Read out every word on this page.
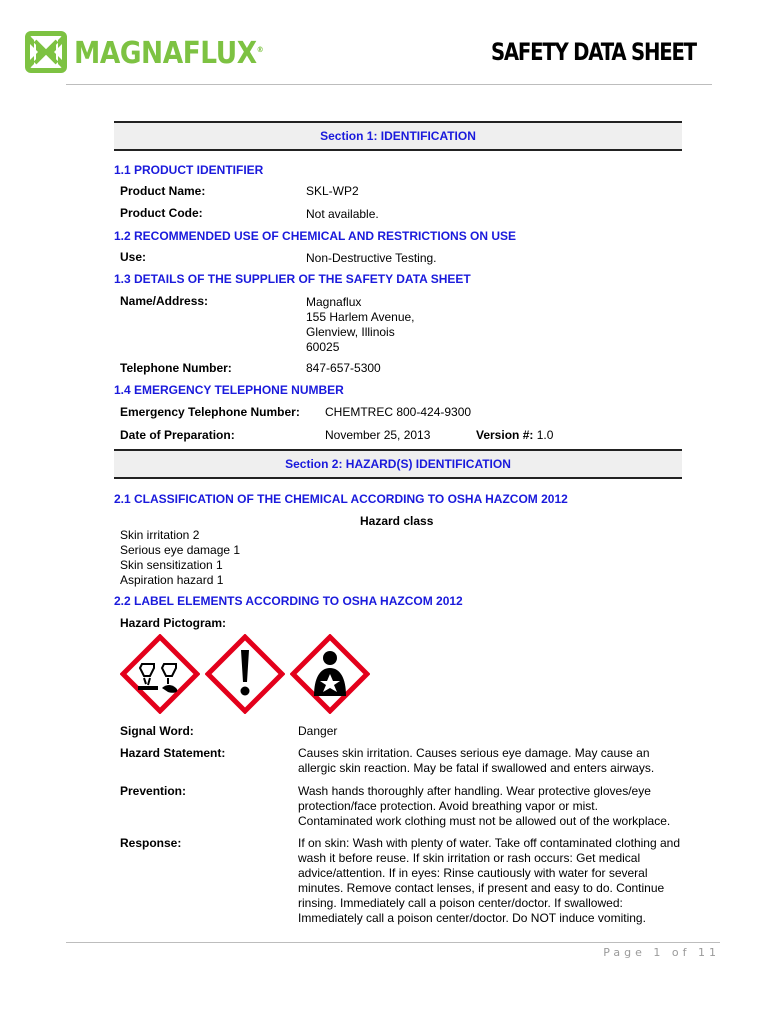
MAGNAFLUX®	SAFETY DATA SHEET
Section 1: IDENTIFICATION
1.1 PRODUCT IDENTIFIER
Product Name:	SKL-WP2
Product Code:	Not available.
1.2 RECOMMENDED USE OF CHEMICAL AND RESTRICTIONS ON USE
Use:	Non-Destructive Testing.
1.3 DETAILS OF THE SUPPLIER OF THE SAFETY DATA SHEET
Name/Address:	Magnaflux
155 Harlem Avenue,
Glenview, Illinois
60025
Telephone Number:	847-657-5300
1.4 EMERGENCY TELEPHONE NUMBER
Emergency Telephone Number: CHEMTREC 800-424-9300
Date of Preparation:	November 25, 2013	Version #: 1.0
Section 2: HAZARD(S) IDENTIFICATION
2.1 CLASSIFICATION OF THE CHEMICAL ACCORDING TO OSHA HAZCOM 2012
Hazard class
Skin irritation 2
Serious eye damage 1
Skin sensitization 1
Aspiration hazard 1
2.2 LABEL ELEMENTS ACCORDING TO OSHA HAZCOM 2012
Hazard Pictogram:
Signal Word:	Danger
Hazard Statement:	Causes skin irritation. Causes serious eye damage. May cause an allergic skin reaction. May be fatal if swallowed and enters airways.
Prevention:	Wash hands thoroughly after handling. Wear protective gloves/eye protection/face protection. Avoid breathing vapor or mist. Contaminated work clothing must not be allowed out of the workplace.
Response:	If on skin: Wash with plenty of water. Take off contaminated clothing and wash it before reuse. If skin irritation or rash occurs: Get medical advice/attention. If in eyes: Rinse cautiously with water for several minutes. Remove contact lenses, if present and easy to do. Continue rinsing. Immediately call a poison center/doctor. If swallowed: Immediately call a poison center/doctor. Do NOT induce vomiting.
Page 1 of 11
